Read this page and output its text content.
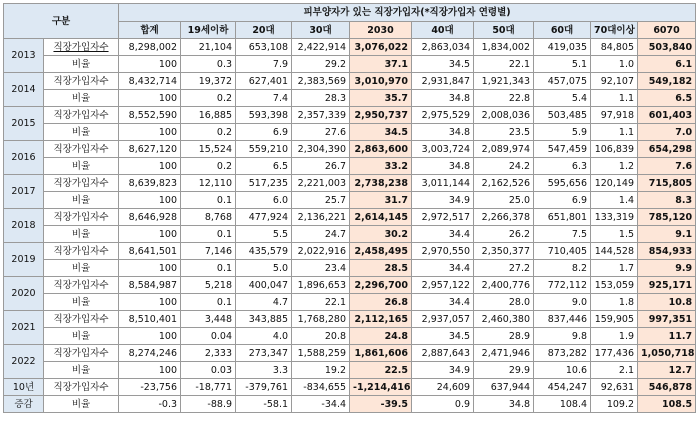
구분		피부양자가 있는 직장가입자(*직장가입자 연령별)									
		합계	19세이하	20대	30대	2030	40대	50대	60대	70대이상	6070
2013	직장가입자수	8,298,002	21,104	653,108	2,422,914	3,076,022	2,863,034	1,834,002	419,035	84,805	503,840
	비율	100	0.3	7.9	29.2	37.1	34.5	22.1	5.1	1.0	6.1
2014	직장가입자수	8,432,714	19,372	627,401	2,383,569	3,010,970	2,931,847	1,921,343	457,075	92,107	549,182
	비율	100	0.2	7.4	28.3	35.7	34.8	22.8	5.4	1.1	6.5
2015	직장가입자수	8,552,590	16,885	593,398	2,357,339	2,950,737	2,975,529	2,008,036	503,485	97,918	601,403
	비율	100	0.2	6.9	27.6	34.5	34.8	23.5	5.9	1.1	7.0
2016	직장가입자수	8,627,120	15,524	559,210	2,304,390	2,863,600	3,003,724	2,089,974	547,459	106,839	654,298
	비율	100	0.2	6.5	26.7	33.2	34.8	24.2	6.3	1.2	7.6
2017	직장가입자수	8,639,823	12,110	517,235	2,221,003	2,738,238	3,011,144	2,162,526	595,656	120,149	715,805
	비율	100	0.1	6.0	25.7	31.7	34.9	25.0	6.9	1.4	8.3
2018	직장가입자수	8,646,928	8,768	477,924	2,136,221	2,614,145	2,972,517	2,266,378	651,801	133,319	785,120
	비율	100	0.1	5.5	24.7	30.2	34.4	26.2	7.5	1.5	9.1
2019	직장가입자수	8,641,501	7,146	435,579	2,022,916	2,458,495	2,970,550	2,350,377	710,405	144,528	854,933
	비율	100	0.1	5.0	23.4	28.5	34.4	27.2	8.2	1.7	9.9
2020	직장가입자수	8,584,987	5,218	400,047	1,896,653	2,296,700	2,957,122	2,400,776	772,112	153,059	925,171
	비율	100	0.1	4.7	22.1	26.8	34.4	28.0	9.0	1.8	10.8
2021	직장가입자수	8,510,401	3,448	343,885	1,768,280	2,112,165	2,937,057	2,460,380	837,446	159,905	997,351
	비율	100	0.04	4.0	20.8	24.8	34.5	28.9	9.8	1.9	11.7
2022	직장가입자수	8,274,246	2,333	273,347	1,588,259	1,861,606	2,887,643	2,471,946	873,282	177,436	1,050,718
	비율	100	0.03	3.3	19.2	22.5	34.9	29.9	10.6	2.1	12.7
10년	직장가입자수	-23,756	-18,771	-379,761	-834,655	-1,214,416	24,609	637,944	454,247	92,631	546,878
증감	비율	-0.3	-88.9	-58.1	-34.4	-39.5	0.9	34.8	108.4	109.2	108.5
